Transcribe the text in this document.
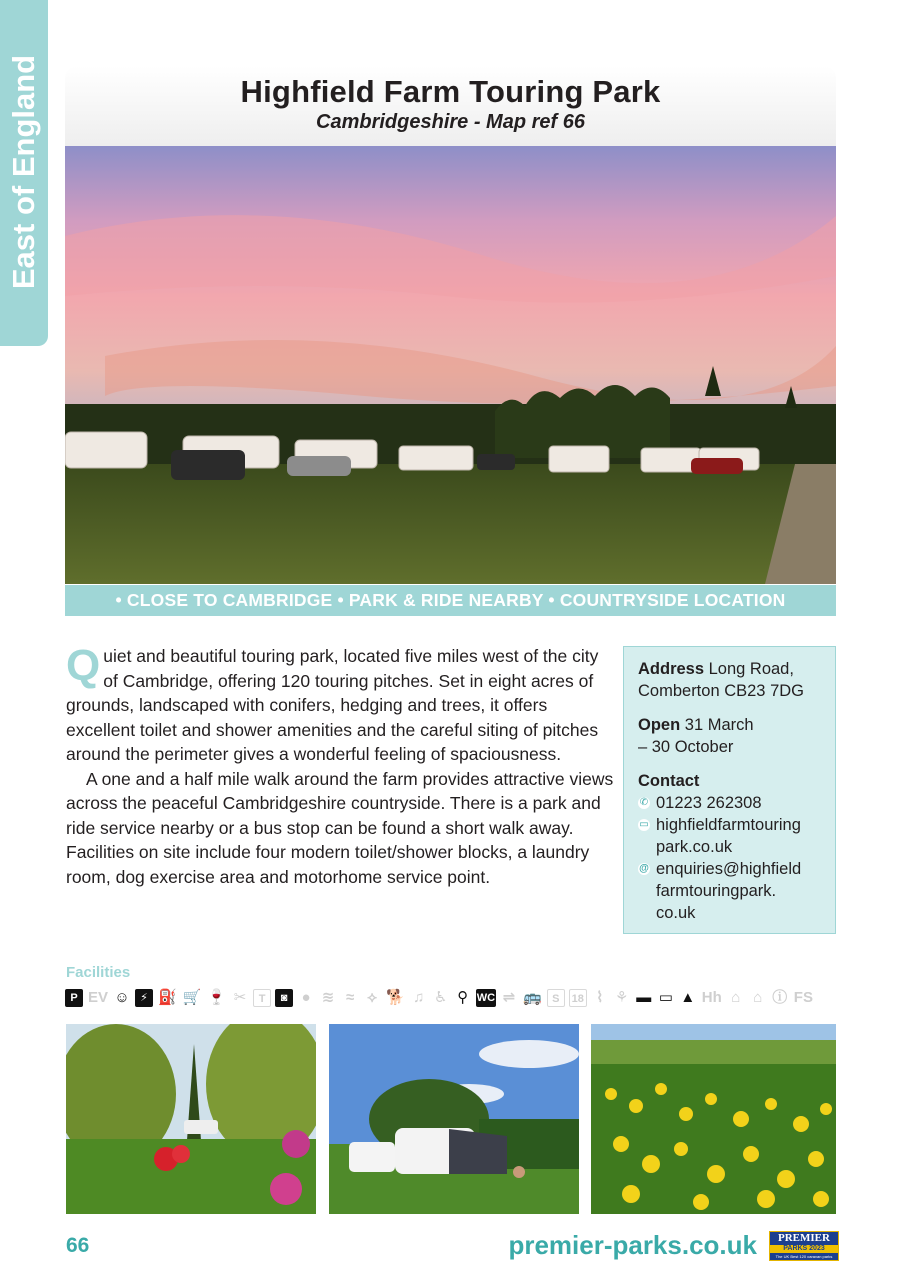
East of England	Highfield Farm Touring Park
Cambridgeshire - Map ref 66
• CLOSE TO CAMBRIDGE • PARK & RIDE NEARBY • COUNTRYSIDE LOCATION

Quiet and beautiful touring park, located five miles west of the city of Cambridge, offering 120 touring pitches. Set in eight acres of grounds, landscaped with conifers, hedging and trees, it offers excellent toilet and shower amenities and the careful siting of pitches around the perimeter gives a wonderful feeling of spaciousness.

A one and a half mile walk around the farm provides attractive views across the peaceful Cambridgeshire countryside. There is a park and ride service nearby or a bus stop can be found a short walk away. Facilities on site include four modern toilet/shower blocks, a laundry room, dog exercise area and motorhome service point.

Address Long Road,
Comberton CB23 7DG
Open 31 March
– 30 October
Contact
✆ 01223 262308
▭ highfieldfarmtouring
park.co.uk
@ enquiries@highfield
farmtouringpark.
co.uk
Facilities
P EV ☺ ⚡ ⛽ 🛒 🍷 ✂	T	◙ ● ≋ ≈ ⟡ 🐕 ♫ ♿ ⚲ WC ⇌ 🚌 S	18 ⌇ ⚘ ▬ ▭ ▲ Hh ⌂ ⌂ ⓘ FS
66	premier-parks.co.uk	PREMIER
PARKS 2023
The UK Best 120 caravan parks
